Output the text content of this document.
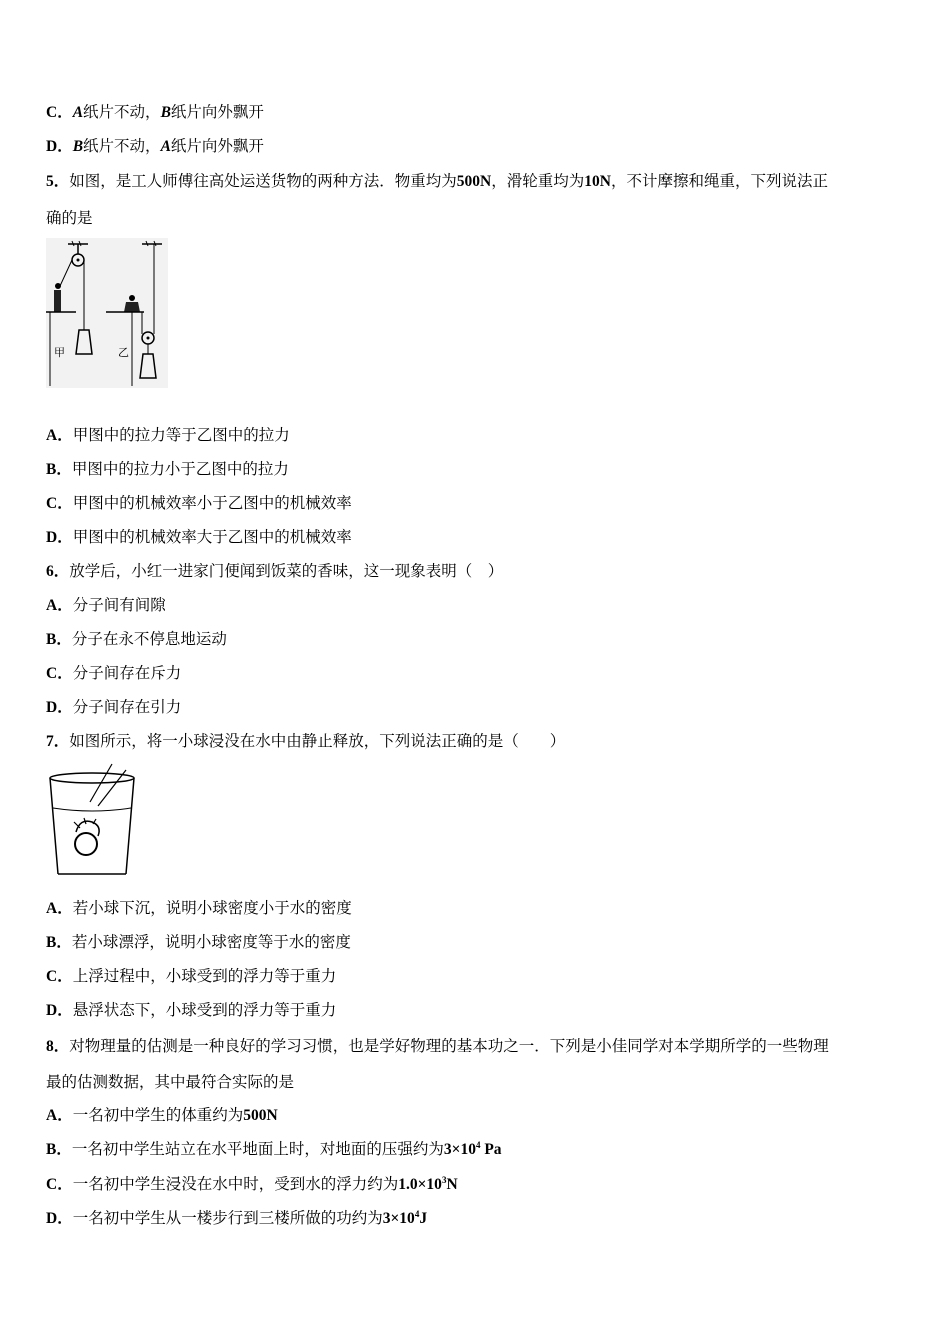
C．A纸片不动，B纸片向外飘开
D．B纸片不动，A纸片向外飘开
5．如图，是工人师傅往高处运送货物的两种方法．物重均为500N，滑轮重均为10N，不计摩擦和绳重，下列说法正
确的是
甲	乙
A．甲图中的拉力等于乙图中的拉力
B．甲图中的拉力小于乙图中的拉力
C．甲图中的机械效率小于乙图中的机械效率
D．甲图中的机械效率大于乙图中的机械效率
6．放学后，小红一进家门便闻到饭菜的香味，这一现象表明（　）
A．分子间有间隙
B．分子在永不停息地运动
C．分子间存在斥力
D．分子间存在引力
7．如图所示，将一小球浸没在水中由静止释放，下列说法正确的是（　　）
A．若小球下沉，说明小球密度小于水的密度
B．若小球漂浮，说明小球密度等于水的密度
C．上浮过程中，小球受到的浮力等于重力
D．悬浮状态下，小球受到的浮力等于重力
8．对物理量的估测是一种良好的学习习惯，也是学好物理的基本功之一．下列是小佳同学对本学期所学的一些物理
最的估测数据，其中最符合实际的是
A．一名初中学生的体重约为500N
B．一名初中学生站立在水平地面上时，对地面的压强约为$3\times 10^4$ Pa
C．一名初中学生浸没在水中时，受到水的浮力约为$1.0\times 10^3N$
D．一名初中学生从一楼步行到三楼所做的功约为$3\times 10^4J$
